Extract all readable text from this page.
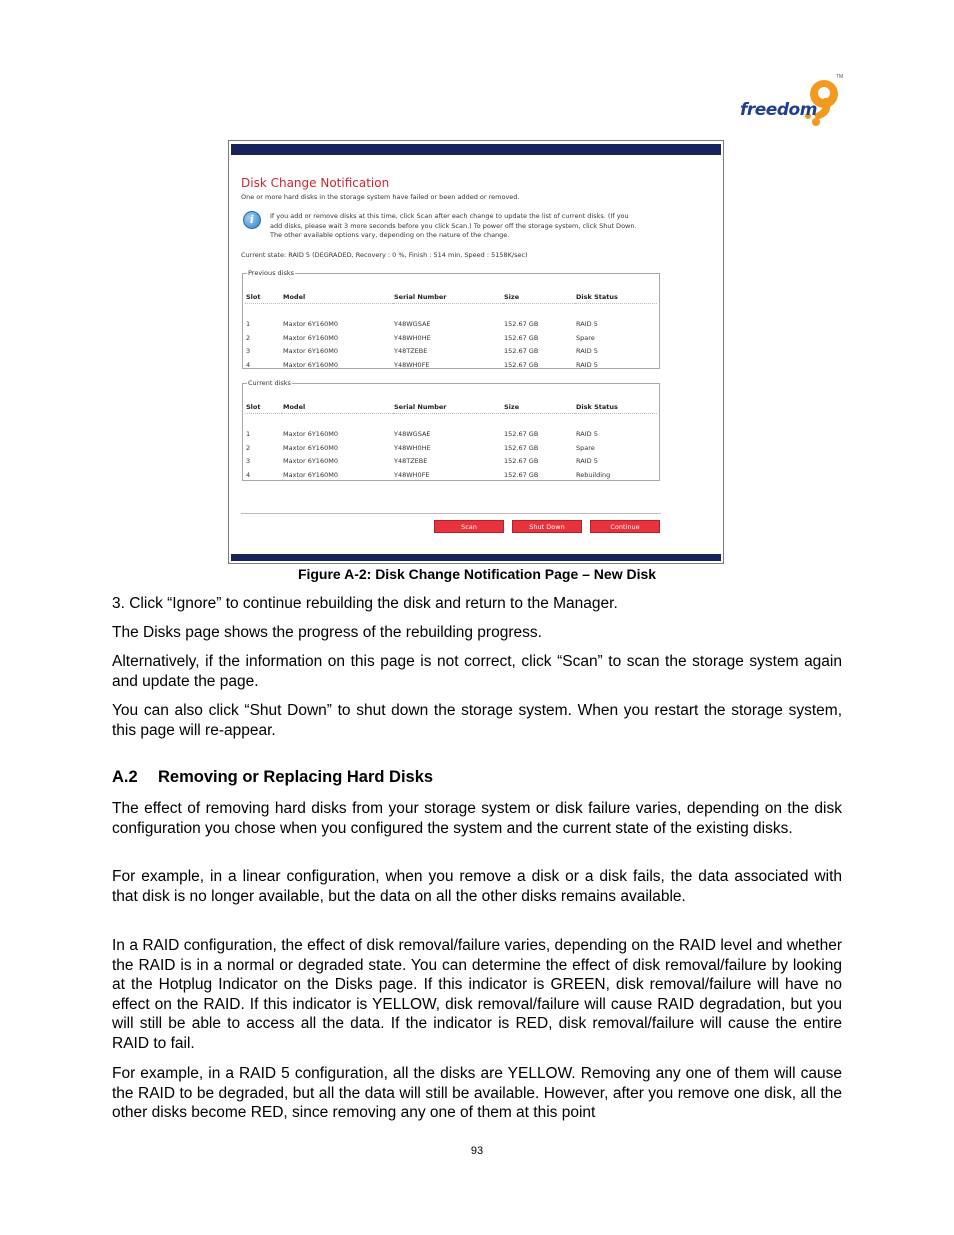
freedom
TM
Disk Change Notification
One or more hard disks in the storage system have failed or been added or removed.
i	If you add or remove disks at this time, click Scan after each change to update the list of current disks. (If you
add disks, please wait 3 more seconds before you click Scan.) To power off the storage system, click Shut Down.
The other available options vary, depending on the nature of the change.
Current state: RAID 5 (DEGRADED, Recovery : 0 %, Finish : 514 min, Speed : 5158K/sec)
Previous disks
Slot	Model	Serial Number	Size	Disk Status

1	Maxtor 6Y160M0	Y48WGSAE	152.67 GB	RAID 5
2	Maxtor 6Y160M0	Y48WH0HE	152.67 GB	Spare
3	Maxtor 6Y160M0	Y48TZEBE	152.67 GB	RAID 5
4	Maxtor 6Y160M0	Y48WH0FE	152.67 GB	RAID 5
Current disks
Slot	Model	Serial Number	Size	Disk Status

1	Maxtor 6Y160M0	Y48WGSAE	152.67 GB	RAID 5
2	Maxtor 6Y160M0	Y48WH0HE	152.67 GB	Spare
3	Maxtor 6Y160M0	Y48TZEBE	152.67 GB	RAID 5
4	Maxtor 6Y160M0	Y48WH0FE	152.67 GB	Rebuilding
Scan	Shut Down	Continue
Figure A-2: Disk Change Notification Page – New Disk

3. Click “Ignore” to continue rebuilding the disk and return to the Manager.

The Disks page shows the progress of the rebuilding progress.

Alternatively, if the information on this page is not correct, click “Scan” to scan the storage system again and update the page.

You can also click “Shut Down” to shut down the storage system. When you restart the storage system, this page will re-appear.

A.2 Removing or Replacing Hard Disks

The effect of removing hard disks from your storage system or disk failure varies, depending on the disk configuration you chose when you configured the system and the current state of the existing disks.

For example, in a linear configuration, when you remove a disk or a disk fails, the data associated with that disk is no longer available, but the data on all the other disks remains available.

In a RAID configuration, the effect of disk removal/failure varies, depending on the RAID level and whether the RAID is in a normal or degraded state. You can determine the effect of disk removal/failure by looking at the Hotplug Indicator on the Disks page. If this indicator is GREEN, disk removal/failure will have no effect on the RAID. If this indicator is YELLOW, disk removal/failure will cause RAID degradation, but you will still be able to access all the data. If the indicator is RED, disk removal/failure will cause the entire RAID to fail.

For example, in a RAID 5 configuration, all the disks are YELLOW. Removing any one of them will cause the RAID to be degraded, but all the data will still be available. However, after you remove one disk, all the other disks become RED, since removing any one of them at this point

93
